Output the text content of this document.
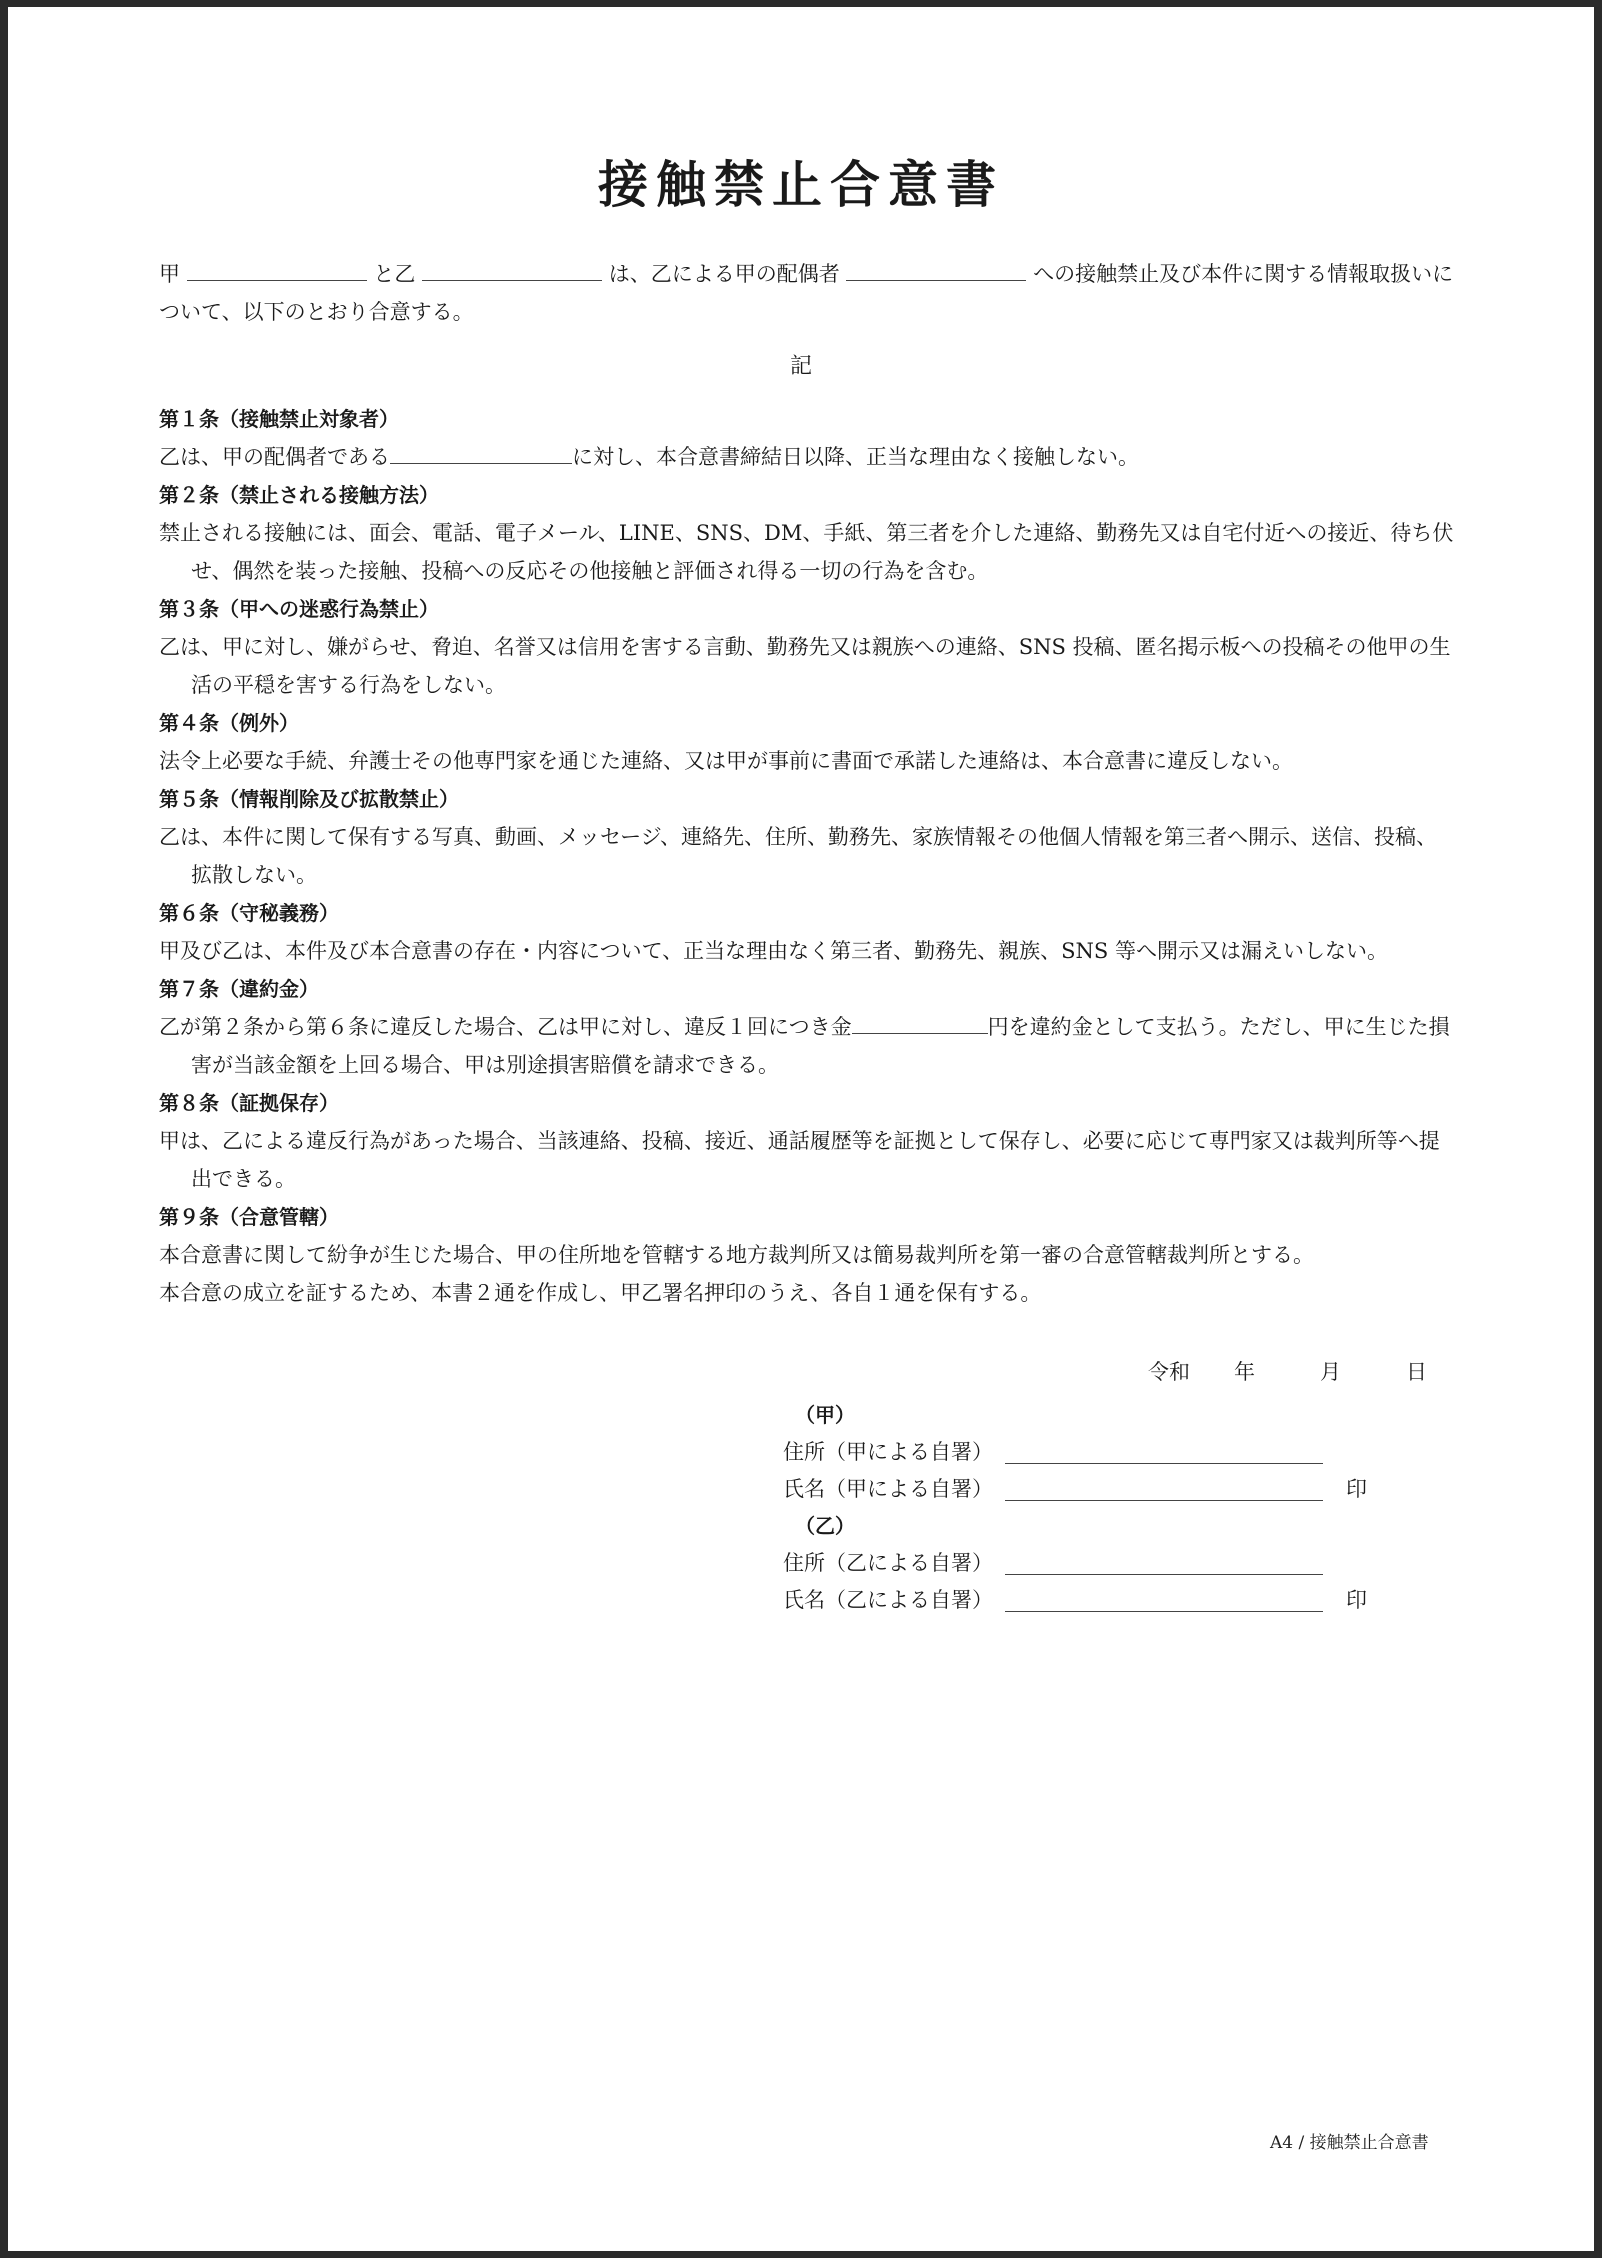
接触禁止合意書
甲	と乙	は、乙による甲の配偶者	への接触禁止及び本件に関する情報取扱いについて、以下のとおり合意する。
記
第１条（接触禁止対象者）
乙は、甲の配偶者である	に対し、本合意書締結日以降、正当な理由なく接触しない。
第２条（禁止される接触方法）
禁止される接触には、面会、電話、電子メール、LINE、SNS、DM、手紙、第三者を介した連絡、勤務先又は自宅付近への接近、待ち伏せ、偶然を装った接触、投稿への反応その他接触と評価され得る一切の行為を含む。
第３条（甲への迷惑行為禁止）
乙は、甲に対し、嫌がらせ、脅迫、名誉又は信用を害する言動、勤務先又は親族への連絡、SNS 投稿、匿名掲示板への投稿その他甲の生活の平穏を害する行為をしない。
第４条（例外）
法令上必要な手続、弁護士その他専門家を通じた連絡、又は甲が事前に書面で承諾した連絡は、本合意書に違反しない。
第５条（情報削除及び拡散禁止）
乙は、本件に関して保有する写真、動画、メッセージ、連絡先、住所、勤務先、家族情報その他個人情報を第三者へ開示、送信、投稿、拡散しない。
第６条（守秘義務）
甲及び乙は、本件及び本合意書の存在・内容について、正当な理由なく第三者、勤務先、親族、SNS 等へ開示又は漏えいしない。
第７条（違約金）
乙が第２条から第６条に違反した場合、乙は甲に対し、違反１回につき金	円を違約金として支払う。ただし、甲に生じた損害が当該金額を上回る場合、甲は別途損害賠償を請求できる。
第８条（証拠保存）
甲は、乙による違反行為があった場合、当該連絡、投稿、接近、通話履歴等を証拠として保存し、必要に応じて専門家又は裁判所等へ提出できる。
第９条（合意管轄）
本合意書に関して紛争が生じた場合、甲の住所地を管轄する地方裁判所又は簡易裁判所を第一審の合意管轄裁判所とする。
本合意の成立を証するため、本書２通を作成し、甲乙署名押印のうえ、各自１通を保有する。
令和 年	月	日
（甲）
住所（甲による自署）
氏名（甲による自署）	印
（乙）
住所（乙による自署）
氏名（乙による自署）	印
A4 / 接触禁止合意書
